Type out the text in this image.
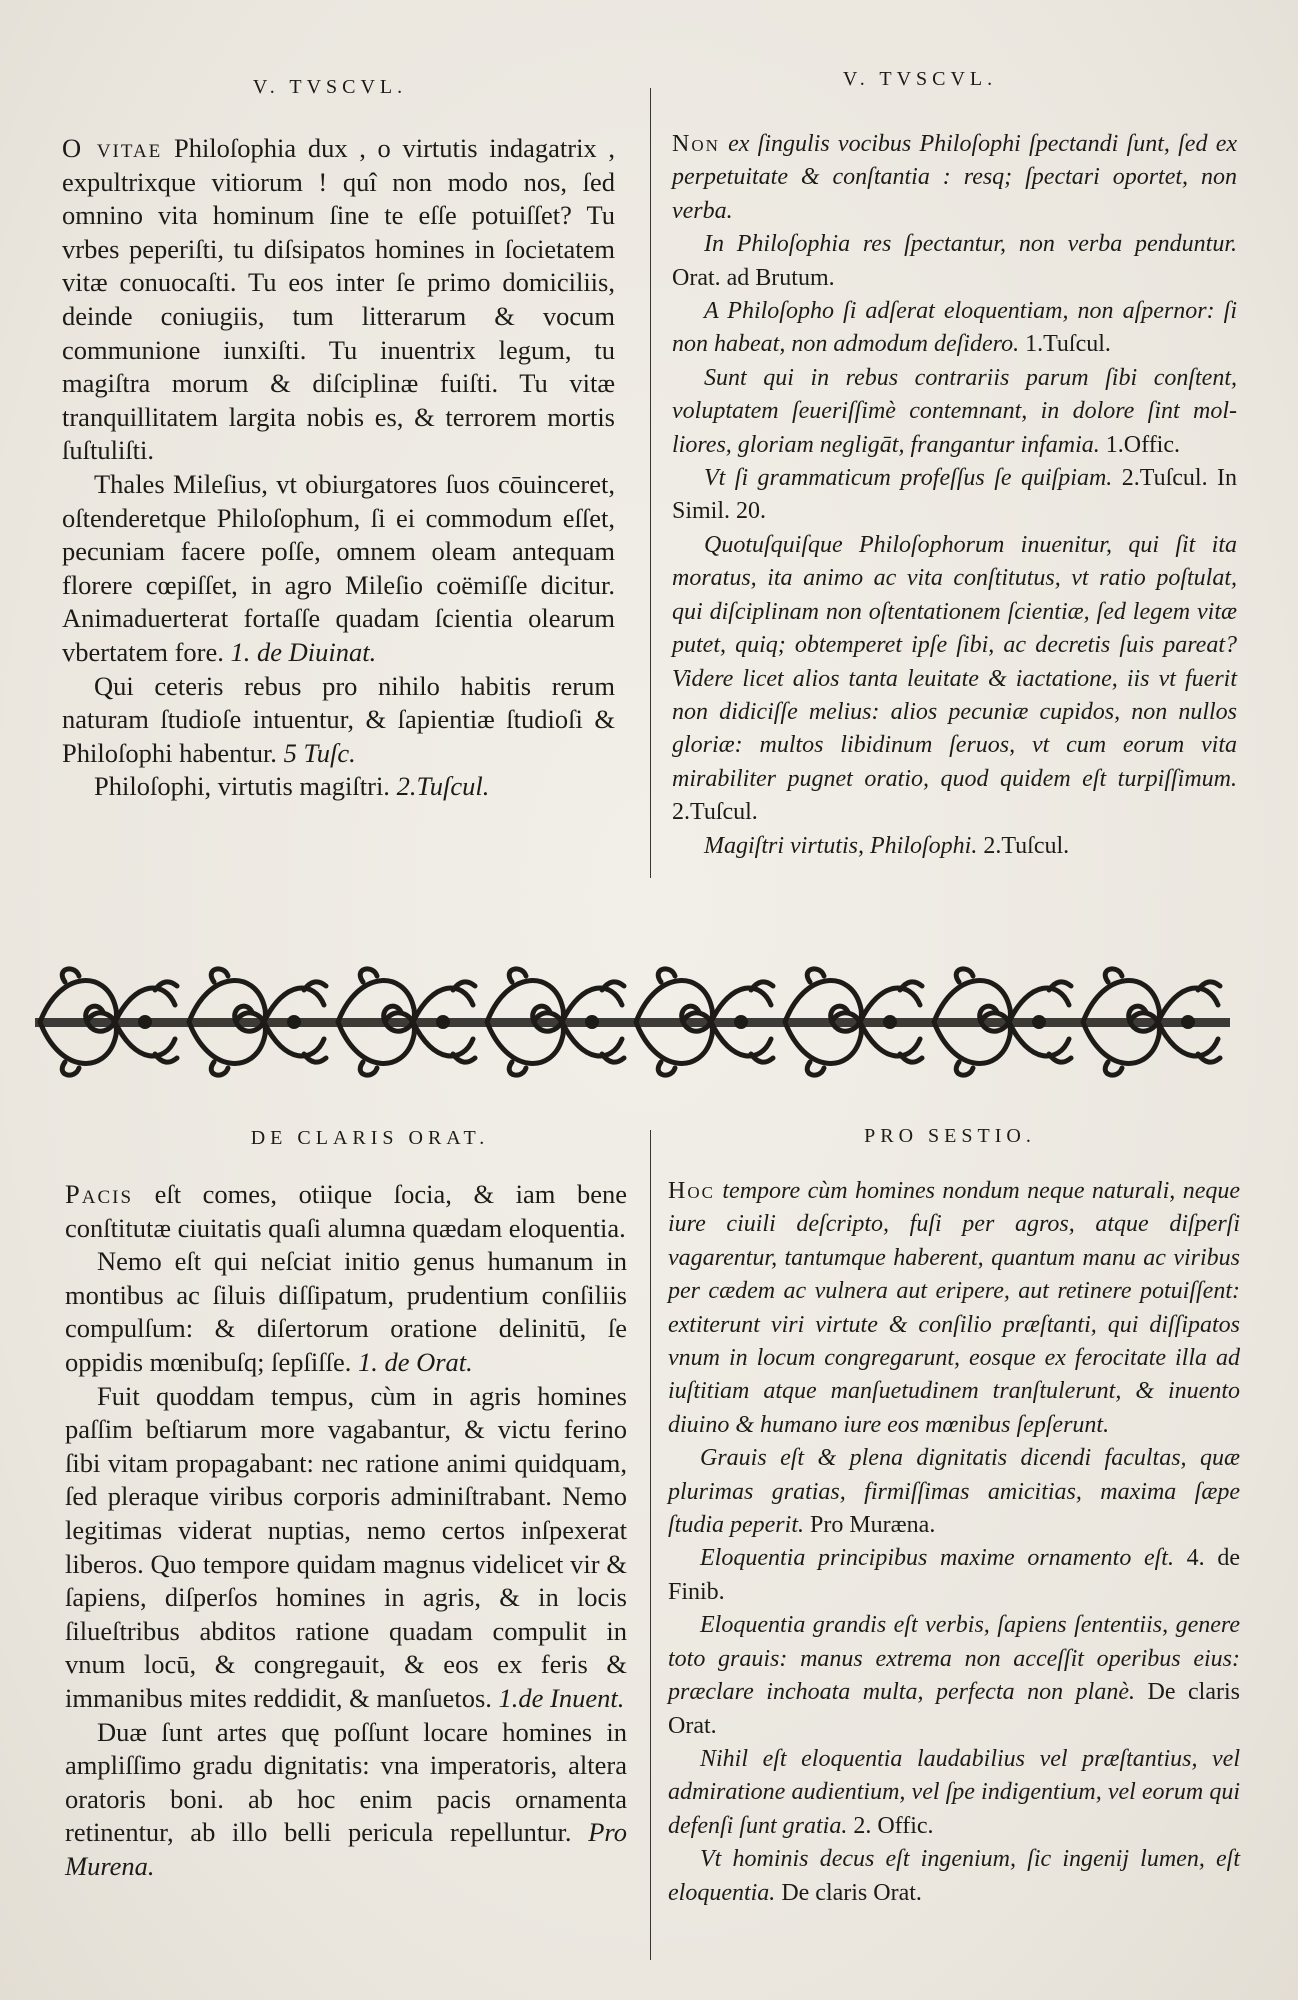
V. TVSCVL.

O vitae Philoſophia dux , o virtutis indagatrix , expultrixque vitiorum ! quî non modo nos, ſed omnino vita hominum ſine te eſſe potuiſſet? Tu vrbes peperiſti, tu diſsipatos homines in ſocietatem vitæ conuocaſti. Tu eos inter ſe primo domiciliis, deinde coniugiis, tum litterarum & vocum communione iunxiſti. Tu inuentrix legum, tu magiſtra morum & diſciplinæ fuiſti. Tu vitæ tranquillitatem largita nobis es, & terrorem mortis ſuſtuliſti.

Thales Mileſius, vt obiurgatores ſuos cōuinceret, oſtenderetque Philoſophum, ſi ei commodum eſſet, pecuniam facere poſſe, omnem oleam antequam florere cœpiſſet, in agro Mileſio coëmiſſe dicitur. Animaduerterat fortaſſe quadam ſcientia olearum vbertatem fore. 1. de Diuinat.

Qui ceteris rebus pro nihilo habitis rerum naturam ſtudioſe intuentur, & ſapientiæ ſtudioſi & Philoſophi habentur. 5 Tuſc.

Philoſophi, virtutis magiſtri. 2.Tuſcul.

V. TVSCVL.

Non ex ſingulis vocibus Philoſophi ſpectandi ſunt, ſed ex perpetuitate & conſtantia : resq; ſpectari oportet, non verba.

In Philoſophia res ſpectantur, non verba penduntur. Orat. ad Brutum.

A Philoſopho ſi adſerat eloquentiam, non aſpernor: ſi non habeat, non admodum deſidero. 1.Tuſcul.

Sunt qui in rebus contrariis parum ſibi conſtent, voluptatem ſeueriſſimè contemnant, in dolore ſint molliores, gloriam negligāt, frangantur infamia. 1.Offic.

Vt ſi grammaticum profeſſus ſe quiſpiam. 2.Tuſcul. In Simil. 20.

Quotuſquiſque Philoſophorum inuenitur, qui ſit ita moratus, ita animo ac vita conſtitutus, vt ratio poſtulat, qui diſciplinam non oſtentationem ſcientiæ, ſed legem vitæ putet, quiq; obtemperet ipſe ſibi, ac decretis ſuis pareat? Videre licet alios tanta leuitate & iactatione, iis vt fuerit non didiciſſe melius: alios pecuniæ cupidos, non nullos gloriæ: multos libidinum ſeruos, vt cum eorum vita mirabiliter pugnet oratio, quod quidem eſt turpiſſimum. 2.Tuſcul.

Magiſtri virtutis, Philoſophi. 2.Tuſcul.

DE CLARIS ORAT.

Pacis eſt comes, otiique ſocia, & iam bene conſtitutæ ciuitatis quaſi alumna quædam eloquentia.

Nemo eſt qui neſciat initio genus humanum in montibus ac ſiluis diſſipatum, prudentium conſiliis compulſum: & diſertorum oratione delinitū, ſe oppidis mœnibuſq; ſepſiſſe. 1. de Orat.

Fuit quoddam tempus, cùm in agris homines paſſim beſtiarum more vagabantur, & victu ferino ſibi vitam propagabant: nec ratione animi quidquam, ſed pleraque viribus corporis adminiſtrabant. Nemo legitimas viderat nuptias, nemo certos inſpexerat liberos. Quo tempore quidam magnus videlicet vir & ſapiens, diſperſos homines in agris, & in locis ſilueſtribus abditos ratione quadam compulit in vnum locū, & congregauit, & eos ex feris & immanibus mites reddidit, & manſuetos. 1.de Inuent.

Duæ ſunt artes quę poſſunt locare homines in ampliſſimo gradu dignitatis: vna imperatoris, altera oratoris boni. ab hoc enim pacis ornamenta retinentur, ab illo belli pericula repelluntur. Pro Murena.

PRO SESTIO.

Hoc tempore cùm homines nondum neque naturali, neque iure ciuili deſcripto, fuſi per agros, atque diſperſi vagarentur, tantumque haberent, quantum manu ac viribus per cædem ac vulnera aut eripere, aut retinere potuiſſent: extiterunt viri virtute & conſilio præſtanti, qui diſſipatos vnum in locum congregarunt, eosque ex ferocitate illa ad iuſtitiam atque manſuetudinem tranſtulerunt, & inuento diuino & humano iure eos mœnibus ſepſerunt.

Grauis eſt & plena dignitatis dicendi facultas, quæ plurimas gratias, firmiſſimas amicitias, maxima ſæpe ſtudia peperit. Pro Muræna.

Eloquentia principibus maxime ornamento eſt. 4. de Finib.

Eloquentia grandis eſt verbis, ſapiens ſententiis, genere toto grauis: manus extrema non acceſſit operibus eius: præclare inchoata multa, perfecta non planè. De claris Orat.

Nihil eſt eloquentia laudabilius vel præſtantius, vel admiratione audientium, vel ſpe indigentium, vel eorum qui defenſi ſunt gratia. 2. Offic.

Vt hominis decus eſt ingenium, ſic ingenij lumen, eſt eloquentia. De claris Orat.
